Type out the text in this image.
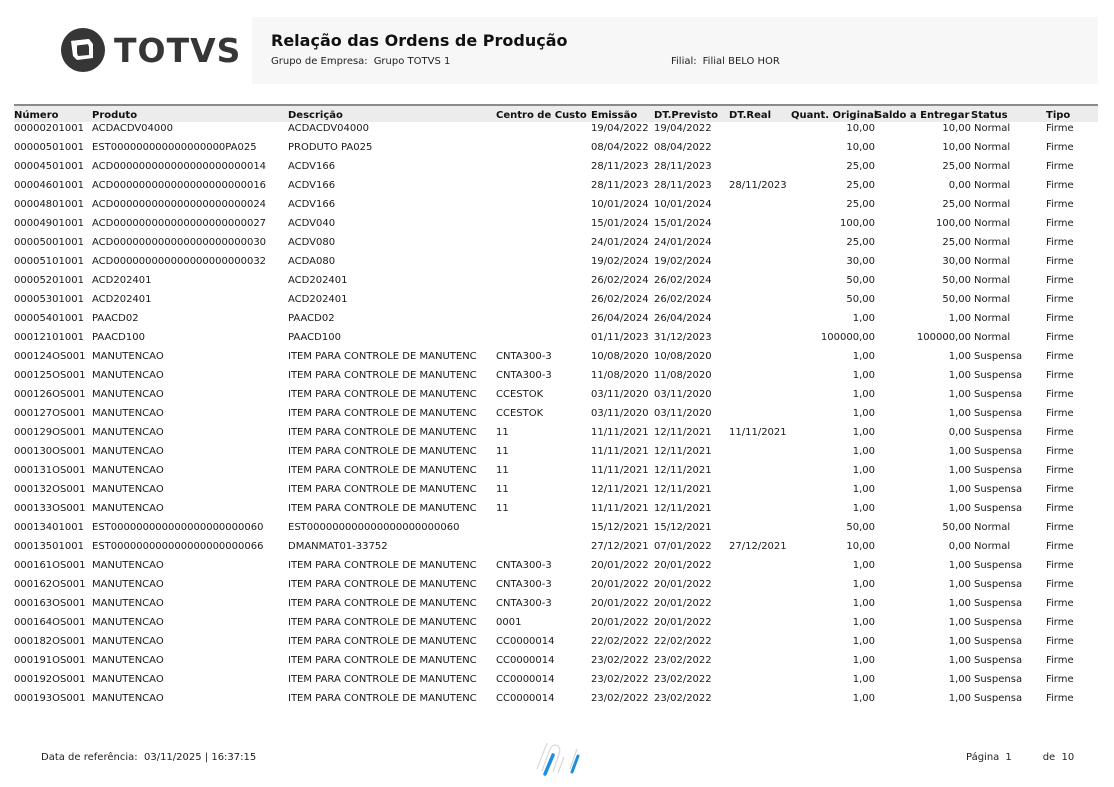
TOTVS Relação das Ordens de Produção
Grupo de Empresa: Grupo TOTVS 1	Filial: Filial BELO HOR
Número	Produto	Descrição	Centro de Custo	Emissão	DT.Previsto	DT.Real	Quant. Original	Saldo a Entregar	Status	Tipo
00000201001	ACDACDV04000	ACDACDV04000		19/04/2022	19/04/2022		10,00	10,00	Normal	Firme
00000501001	EST000000000000000000PA025	PRODUTO PA025		08/04/2022	08/04/2022		10,00	10,00	Normal	Firme
00004501001	ACD000000000000000000000014	ACDV166		28/11/2023	28/11/2023		25,00	25,00	Normal	Firme
00004601001	ACD000000000000000000000016	ACDV166		28/11/2023	28/11/2023	28/11/2023	25,00	0,00	Normal	Firme
00004801001	ACD000000000000000000000024	ACDV166		10/01/2024	10/01/2024		25,00	25,00	Normal	Firme
00004901001	ACD000000000000000000000027	ACDV040		15/01/2024	15/01/2024		100,00	100,00	Normal	Firme
00005001001	ACD000000000000000000000030	ACDV080		24/01/2024	24/01/2024		25,00	25,00	Normal	Firme
00005101001	ACD000000000000000000000032	ACDA080		19/02/2024	19/02/2024		30,00	30,00	Normal	Firme
00005201001	ACD202401	ACD202401		26/02/2024	26/02/2024		50,00	50,00	Normal	Firme
00005301001	ACD202401	ACD202401		26/02/2024	26/02/2024		50,00	50,00	Normal	Firme
00005401001	PAACD02	PAACD02		26/04/2024	26/04/2024		1,00	1,00	Normal	Firme
00012101001	PAACD100	PAACD100		01/11/2023	31/12/2023		100000,00	100000,00	Normal	Firme
000124OS001	MANUTENCAO	ITEM PARA CONTROLE DE MANUTENC	CNTA300-3	10/08/2020	10/08/2020		1,00	1,00	Suspensa	Firme
000125OS001	MANUTENCAO	ITEM PARA CONTROLE DE MANUTENC	CNTA300-3	11/08/2020	11/08/2020		1,00	1,00	Suspensa	Firme
000126OS001	MANUTENCAO	ITEM PARA CONTROLE DE MANUTENC	CCESTOK	03/11/2020	03/11/2020		1,00	1,00	Suspensa	Firme
000127OS001	MANUTENCAO	ITEM PARA CONTROLE DE MANUTENC	CCESTOK	03/11/2020	03/11/2020		1,00	1,00	Suspensa	Firme
000129OS001	MANUTENCAO	ITEM PARA CONTROLE DE MANUTENC	11	11/11/2021	12/11/2021	11/11/2021	1,00	0,00	Suspensa	Firme
000130OS001	MANUTENCAO	ITEM PARA CONTROLE DE MANUTENC	11	11/11/2021	12/11/2021		1,00	1,00	Suspensa	Firme
000131OS001	MANUTENCAO	ITEM PARA CONTROLE DE MANUTENC	11	11/11/2021	12/11/2021		1,00	1,00	Suspensa	Firme
000132OS001	MANUTENCAO	ITEM PARA CONTROLE DE MANUTENC	11	12/11/2021	12/11/2021		1,00	1,00	Suspensa	Firme
000133OS001	MANUTENCAO	ITEM PARA CONTROLE DE MANUTENC	11	11/11/2021	12/11/2021		1,00	1,00	Suspensa	Firme
00013401001	EST000000000000000000000060	EST000000000000000000000060		15/12/2021	15/12/2021		50,00	50,00	Normal	Firme
00013501001	EST000000000000000000000066	DMANMAT01-33752		27/12/2021	07/01/2022	27/12/2021	10,00	0,00	Normal	Firme
000161OS001	MANUTENCAO	ITEM PARA CONTROLE DE MANUTENC	CNTA300-3	20/01/2022	20/01/2022		1,00	1,00	Suspensa	Firme
000162OS001	MANUTENCAO	ITEM PARA CONTROLE DE MANUTENC	CNTA300-3	20/01/2022	20/01/2022		1,00	1,00	Suspensa	Firme
000163OS001	MANUTENCAO	ITEM PARA CONTROLE DE MANUTENC	CNTA300-3	20/01/2022	20/01/2022		1,00	1,00	Suspensa	Firme
000164OS001	MANUTENCAO	ITEM PARA CONTROLE DE MANUTENC	0001	20/01/2022	20/01/2022		1,00	1,00	Suspensa	Firme
000182OS001	MANUTENCAO	ITEM PARA CONTROLE DE MANUTENC	CC0000014	22/02/2022	22/02/2022		1,00	1,00	Suspensa	Firme
000191OS001	MANUTENCAO	ITEM PARA CONTROLE DE MANUTENC	CC0000014	23/02/2022	23/02/2022		1,00	1,00	Suspensa	Firme
000192OS001	MANUTENCAO	ITEM PARA CONTROLE DE MANUTENC	CC0000014	23/02/2022	23/02/2022		1,00	1,00	Suspensa	Firme
000193OS001	MANUTENCAO	ITEM PARA CONTROLE DE MANUTENC	CC0000014	23/02/2022	23/02/2022		1,00	1,00	Suspensa	Firme
Data de referência: 03/11/2025 | 16:37:15	Página 1	de 10
